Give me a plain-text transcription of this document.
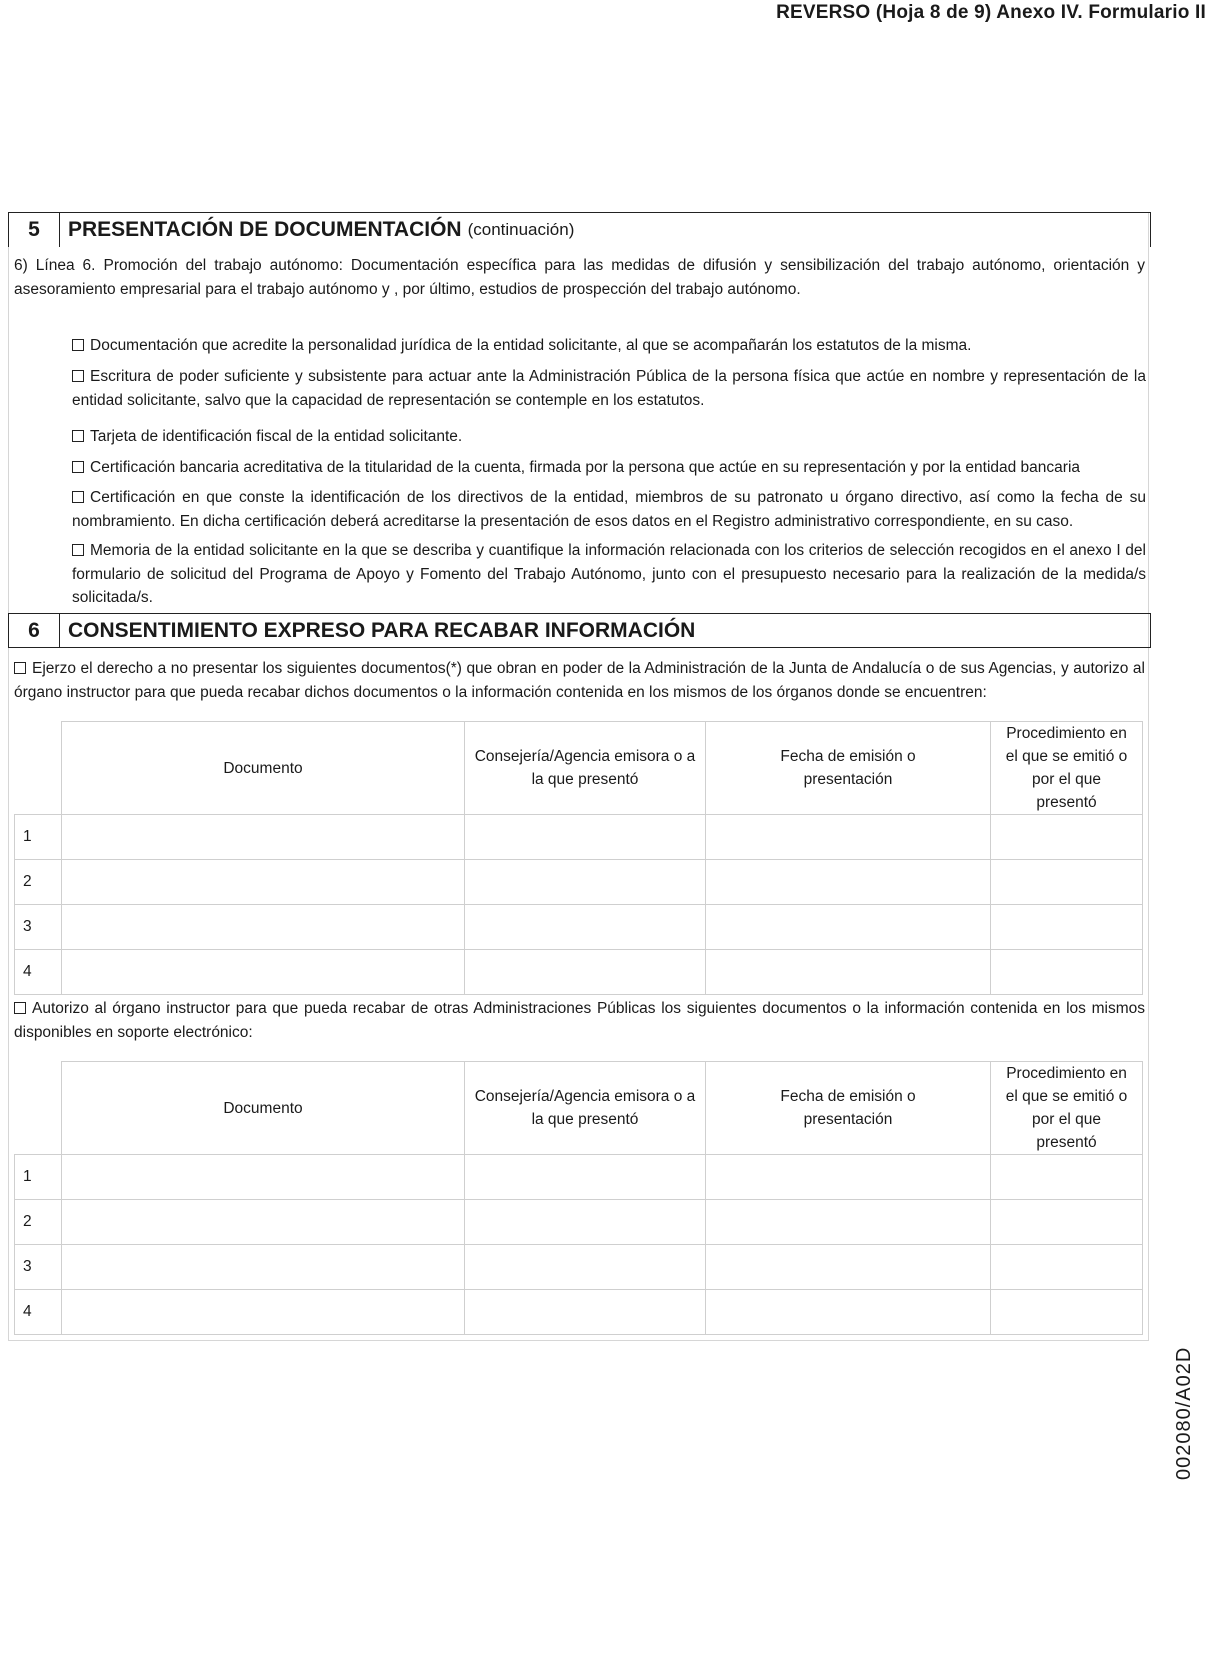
REVERSO (Hoja 8 de 9) Anexo IV. Formulario II
5	PRESENTACIÓN DE DOCUMENTACIÓN (continuación)
6) Línea 6. Promoción del trabajo autónomo: Documentación específica para las medidas de difusión y sensibilización del trabajo autónomo, orientación y asesoramiento empresarial para el trabajo autónomo y , por último, estudios de prospección del trabajo autónomo.
Documentación que acredite la personalidad jurídica de la entidad solicitante, al que se acompañarán los estatutos de la misma.
Escritura de poder suficiente y subsistente para actuar ante la Administración Pública de la persona física que actúe en nombre y representación de la entidad solicitante, salvo que la capacidad de representación se contemple en los estatutos.
Tarjeta de identificación fiscal de la entidad solicitante.
Certificación bancaria acreditativa de la titularidad de la cuenta, firmada por la persona que actúe en su representación y por la entidad bancaria
Certificación en que conste la identificación de los directivos de la entidad, miembros de su patronato u órgano directivo, así como la fecha de su nombramiento. En dicha certificación deberá acreditarse la presentación de esos datos en el Registro administrativo correspondiente, en su caso.
Memoria de la entidad solicitante en la que se describa y cuantifique la información relacionada con los criterios de selección recogidos en el anexo I del formulario de solicitud del Programa de Apoyo y Fomento del Trabajo Autónomo, junto con el presupuesto necesario para la realización de la medida/s solicitada/s.
6	CONSENTIMIENTO EXPRESO PARA RECABAR INFORMACIÓN
Ejerzo el derecho a no presentar los siguientes documentos(*) que obran en poder de la Administración de la Junta de Andalucía o de sus Agencias, y autorizo al órgano instructor para que pueda recabar dichos documentos o la información contenida en los mismos de los órganos donde se encuentren:
	Documento	Consejería/Agencia emisora o a la que presentó	Fecha de emisión o presentación	Procedimiento en el que se emitió o por el que presentó
1				
2				
3				
4				
Autorizo al órgano instructor para que pueda recabar de otras Administraciones Públicas los siguientes documentos o la información contenida en los mismos disponibles en soporte electrónico:
	Documento	Consejería/Agencia emisora o a la que presentó	Fecha de emisión o presentación	Procedimiento en el que se emitió o por el que presentó
1				
2				
3				
4				
002080/A02D
